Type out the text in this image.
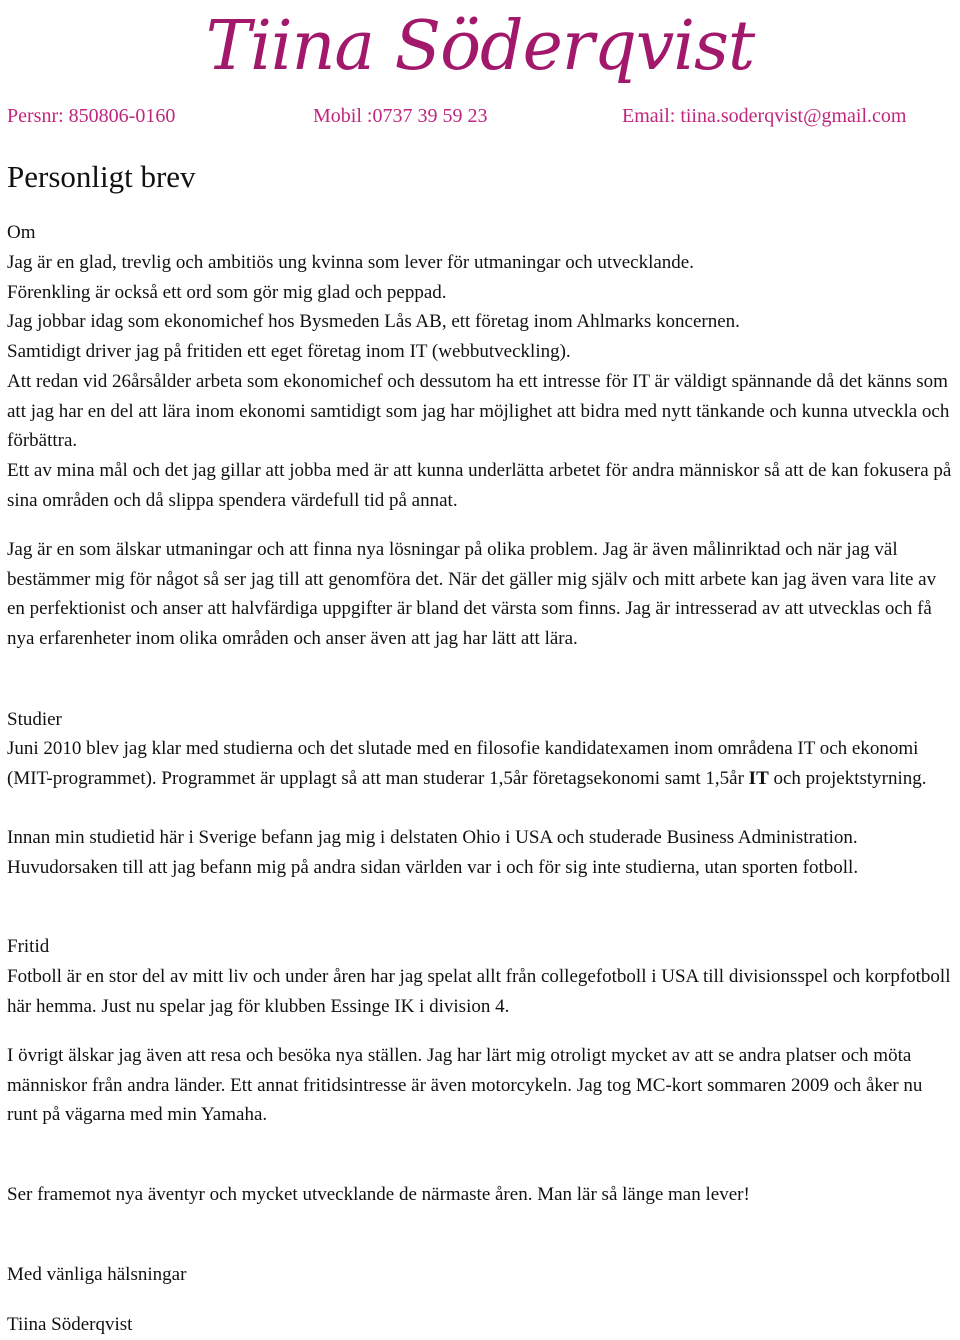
Tiina Söderqvist
Persnr: 850806-0160	Mobil :0737 39 59 23	Email: tiina.soderqvist@gmail.com
Personligt brev
Om
Jag är en glad, trevlig och ambitiös ung kvinna som lever för utmaningar och utvecklande.
Förenkling är också ett ord som gör mig glad och peppad.
Jag jobbar idag som ekonomichef hos Bysmeden Lås AB, ett företag inom Ahlmarks koncernen.
Samtidigt driver jag på fritiden ett eget företag inom IT (webbutveckling).
Att redan vid 26årsålder arbeta som ekonomichef och dessutom ha ett intresse för IT är väldigt spännande då det känns som att jag har en del att lära inom ekonomi samtidigt som jag har möjlighet att bidra med nytt tänkande och kunna utveckla och förbättra.
Ett av mina mål och det jag gillar att jobba med är att kunna underlätta arbetet för andra människor så att de kan fokusera på sina områden och då slippa spendera värdefull tid på annat.
Jag är en som älskar utmaningar och att finna nya lösningar på olika problem. Jag är även målinriktad och när jag väl bestämmer mig för något så ser jag till att genomföra det. När det gäller mig själv och mitt arbete kan jag även vara lite av en perfektionist och anser att halvfärdiga uppgifter är bland det värsta som finns. Jag är intresserad av att utvecklas och få nya erfarenheter inom olika områden och anser även att jag har lätt att lära.
Studier
Juni 2010 blev jag klar med studierna och det slutade med en filosofie kandidatexamen inom områdena IT och ekonomi (MIT-programmet). Programmet är upplagt så att man studerar 1,5år företagsekonomi samt 1,5år IT och projektstyrning.
Innan min studietid här i Sverige befann jag mig i delstaten Ohio i USA och studerade Business Administration. Huvudorsaken till att jag befann mig på andra sidan världen var i och för sig inte studierna, utan sporten fotboll.
Fritid
Fotboll är en stor del av mitt liv och under åren har jag spelat allt från collegefotboll i USA till divisionsspel och korpfotboll här hemma. Just nu spelar jag för klubben Essinge IK i division 4.
I övrigt älskar jag även att resa och besöka nya ställen. Jag har lärt mig otroligt mycket av att se andra platser och möta människor från andra länder. Ett annat fritidsintresse är även motorcykeln. Jag tog MC-kort sommaren 2009 och åker nu runt på vägarna med min Yamaha.
Ser framemot nya äventyr och mycket utvecklande de närmaste åren. Man lär så länge man lever!
Med vänliga hälsningar
Tiina Söderqvist
